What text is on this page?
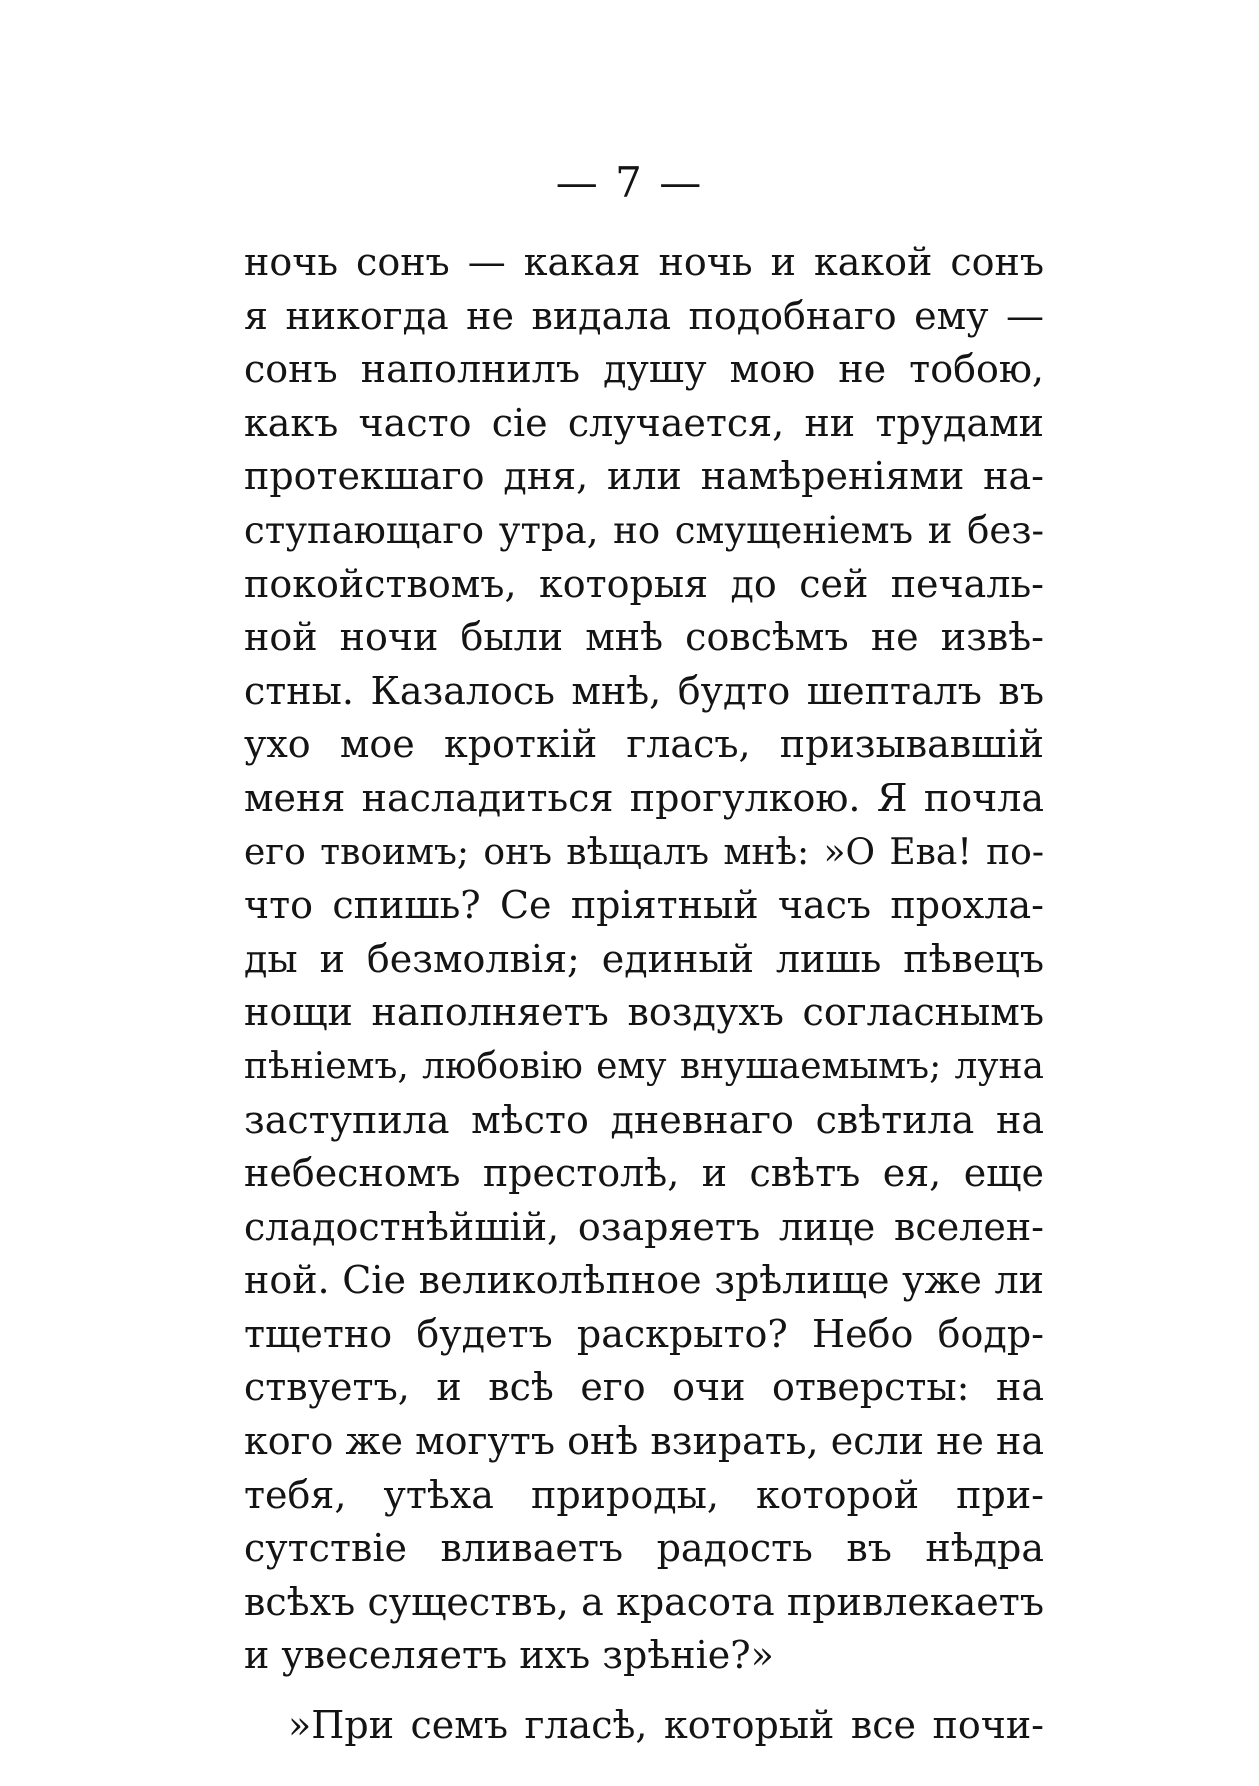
— 7 —
ночь сонъ — какая ночь и какой сонъ
я никогда не видала подобнаго ему —
сонъ наполнилъ душу мою не тобою,
какъ часто сіе случается, ни трудами
протекшаго дня, или намѣреніями на-
ступающаго утра, но смущеніемъ и без-
покойствомъ, которыя до сей печаль-
ной ночи были мнѣ совсѣмъ не извѣ-
стны. Казалось мнѣ, будто шепталъ въ
ухо мое кроткій гласъ, призывавшій
меня насладиться прогулкою. Я почла
его твоимъ; онъ вѣщалъ мнѣ: »О Ева! по-
что спишь? Се пріятный часъ прохла-
ды и безмолвія; единый лишь пѣвецъ
нощи наполняетъ воздухъ согласнымъ
пѣніемъ, любовію ему внушаемымъ; луна
заступила мѣсто дневнаго свѣтила на
небесномъ престолѣ, и свѣтъ ея, еще
сладостнѣйшій, озаряетъ лице вселен-
ной. Сіе великолѣпное зрѣлище уже ли
тщетно будетъ раскрыто? Небо бодр-
ствуетъ, и всѣ его очи отверсты: на
кого же могутъ онѣ взирать, если не на
тебя, утѣха природы, которой при-
сутствіе вливаетъ радость въ нѣдра
всѣхъ существъ, а красота привлекаетъ
и увеселяетъ ихъ зрѣніе?»
»При семъ гласѣ, который все почи-
